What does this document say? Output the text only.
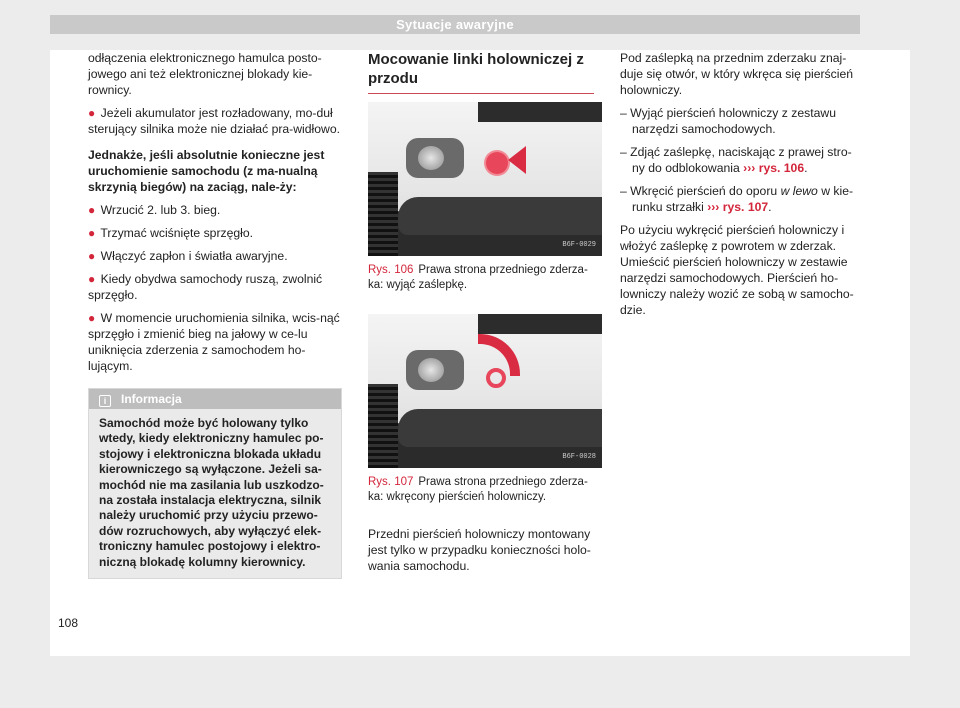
Sytuacje awaryjne

odłączenia elektronicznego hamulca posto-jowego ani też elektronicznej blokady kie-rownicy.

● Jeżeli akumulator jest rozładowany, mo-duł sterujący silnika może nie działać pra-widłowo.

Jednakże, jeśli absolutnie konieczne jest uruchomienie samochodu (z ma-nualną skrzynią biegów) na zaciąg, nale-ży:

● Wrzucić 2. lub 3. bieg.
● Trzymać wciśnięte sprzęgło.
● Włączyć zapłon i światła awaryjne.
● Kiedy obydwa samochody ruszą, zwolnić sprzęgło.
● W momencie uruchomienia silnika, wcis-nąć sprzęgło i zmienić bieg na jałowy w ce-lu uniknięcia zderzenia z samochodem ho-lującym.
i Informacja
Samochód może być holowany tylko wtedy, kiedy elektroniczny hamulec po-stojowy i elektroniczna blokada układu kierowniczego są wyłączone. Jeżeli sa-mochód nie ma zasilania lub uszkodzo-na została instalacja elektryczna, silnik należy uruchomić przy użyciu przewo-dów rozruchowych, aby wyłączyć elek-troniczny hamulec postojowy i elektro-niczną blokadę kolumny kierownicy.
Mocowanie linki holowniczej z przodu
B6F-0029
Rys. 106 Prawa strona przedniego zderza-ka: wyjąć zaślepkę.
B6F-0028
Rys. 107 Prawa strona przedniego zderza-ka: wkręcony pierścień holowniczy.

Przedni pierścień holowniczy montowany jest tylko w przypadku konieczności holo-wania samochodu.

Pod zaślepką na przednim zderzaku znaj-duje się otwór, w który wkręca się pierścień holowniczy.

– Wyjąć pierścień holowniczy z zestawu narzędzi samochodowych.
– Zdjąć zaślepkę, naciskając z prawej stro-ny do odblokowania ››› rys. 106.
– Wkręcić pierścień do oporu w lewo w kie-runku strzałki ››› rys. 107.

Po użyciu wykręcić pierścień holowniczy i włożyć zaślepkę z powrotem w zderzak. Umieścić pierścień holowniczy w zestawie narzędzi samochodowych. Pierścień ho-lowniczy należy wozić ze sobą w samocho-dzie.

108
